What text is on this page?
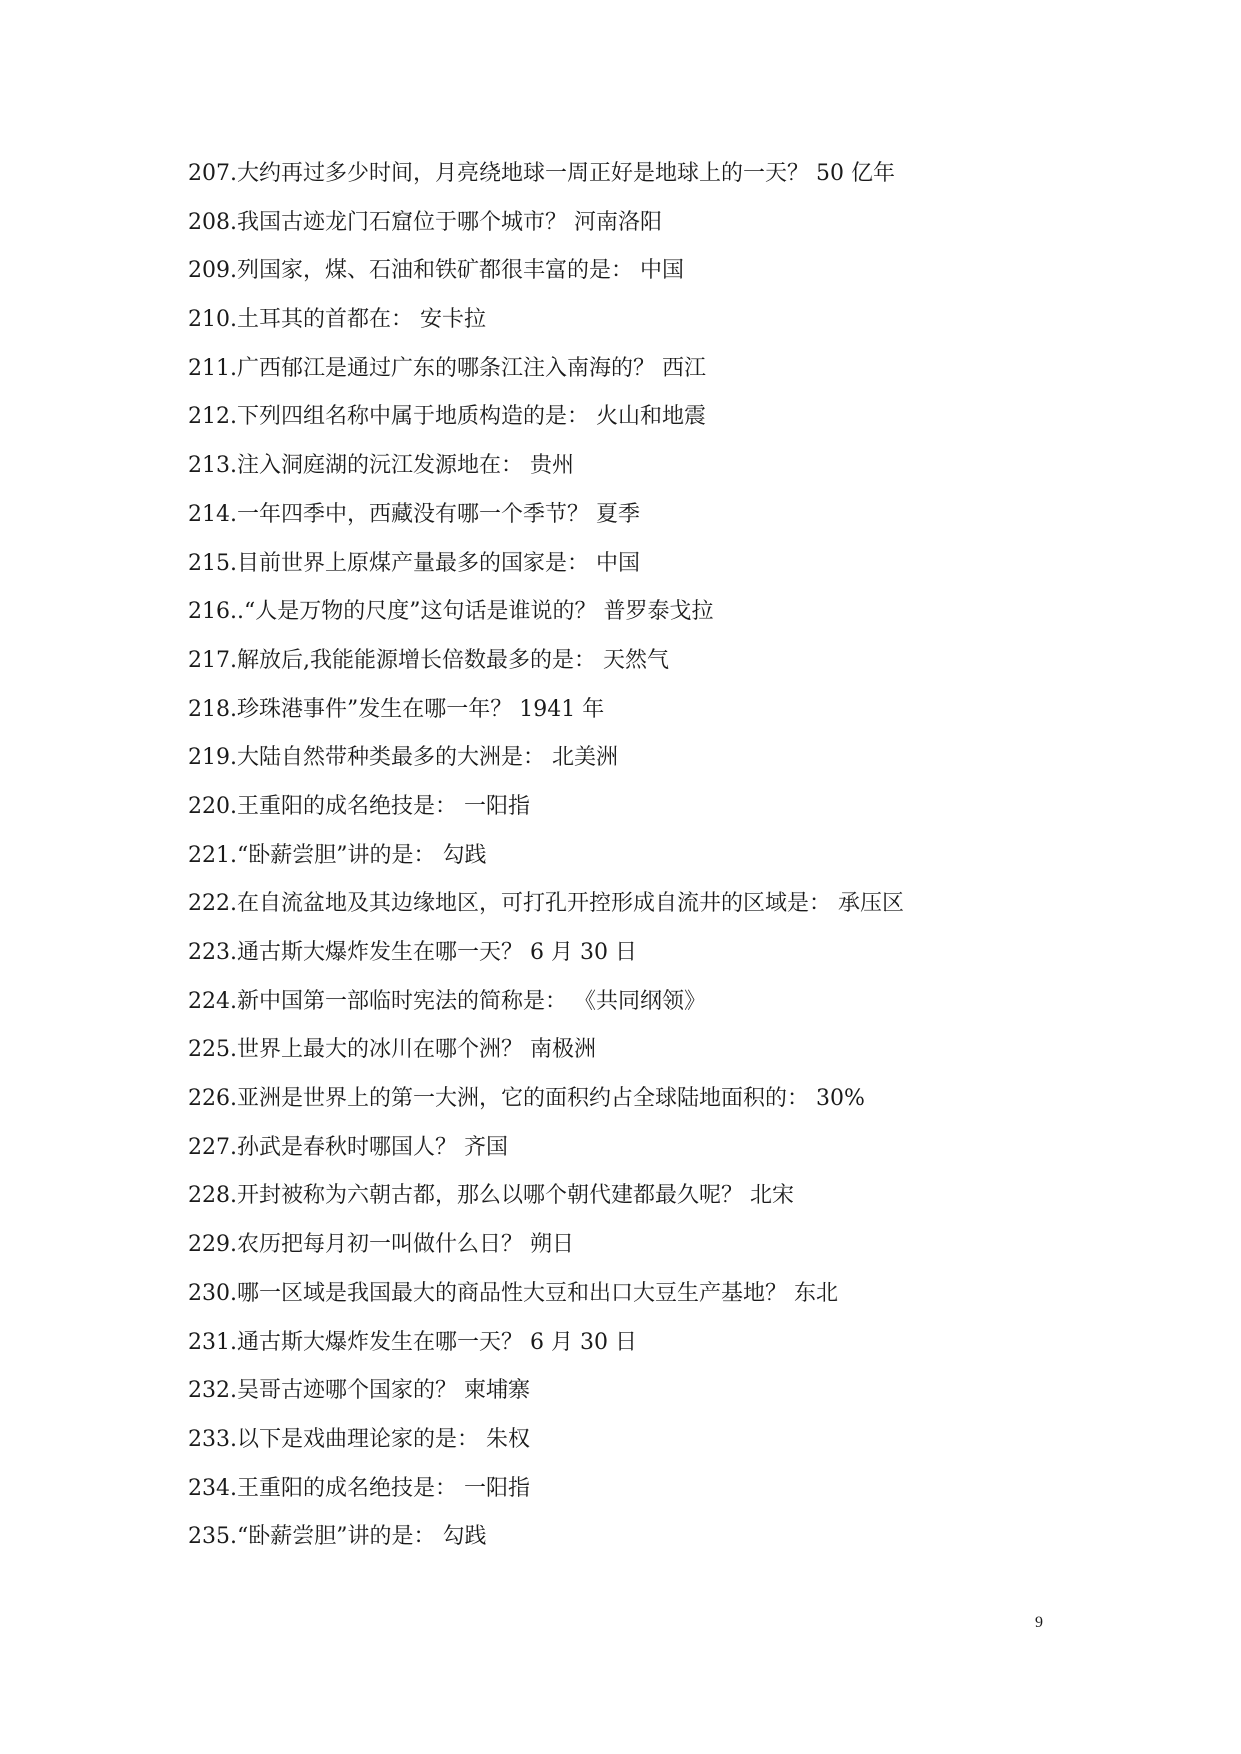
207.大约再过多少时间，月亮绕地球一周正好是地球上的一天？ 50 亿年
208.我国古迹龙门石窟位于哪个城市？ 河南洛阳
209.列国家，煤、石油和铁矿都很丰富的是： 中国
210.土耳其的首都在： 安卡拉
211.广西郁江是通过广东的哪条江注入南海的？ 西江
212.下列四组名称中属于地质构造的是： 火山和地震
213.注入洞庭湖的沅江发源地在： 贵州
214.一年四季中，西藏没有哪一个季节？ 夏季
215.目前世界上原煤产量最多的国家是： 中国
216..“人是万物的尺度”这句话是谁说的？ 普罗泰戈拉
217.解放后,我能能源增长倍数最多的是： 天然气
218.珍珠港事件”发生在哪一年？ 1941 年
219.大陆自然带种类最多的大洲是： 北美洲
220.王重阳的成名绝技是： 一阳指
221.“卧薪尝胆”讲的是： 勾践
222.在自流盆地及其边缘地区，可打孔开控形成自流井的区域是： 承压区
223.通古斯大爆炸发生在哪一天？ 6 月 30 日
224.新中国第一部临时宪法的简称是： 《共同纲领》
225.世界上最大的冰川在哪个洲？ 南极洲
226.亚洲是世界上的第一大洲，它的面积约占全球陆地面积的： 30%
227.孙武是春秋时哪国人？ 齐国
228.开封被称为六朝古都，那么以哪个朝代建都最久呢？ 北宋
229.农历把每月初一叫做什么日？ 朔日
230.哪一区域是我国最大的商品性大豆和出口大豆生产基地？ 东北
231.通古斯大爆炸发生在哪一天？ 6 月 30 日
232.吴哥古迹哪个国家的？ 柬埔寨
233.以下是戏曲理论家的是： 朱权
234.王重阳的成名绝技是： 一阳指
235.“卧薪尝胆”讲的是： 勾践
9
